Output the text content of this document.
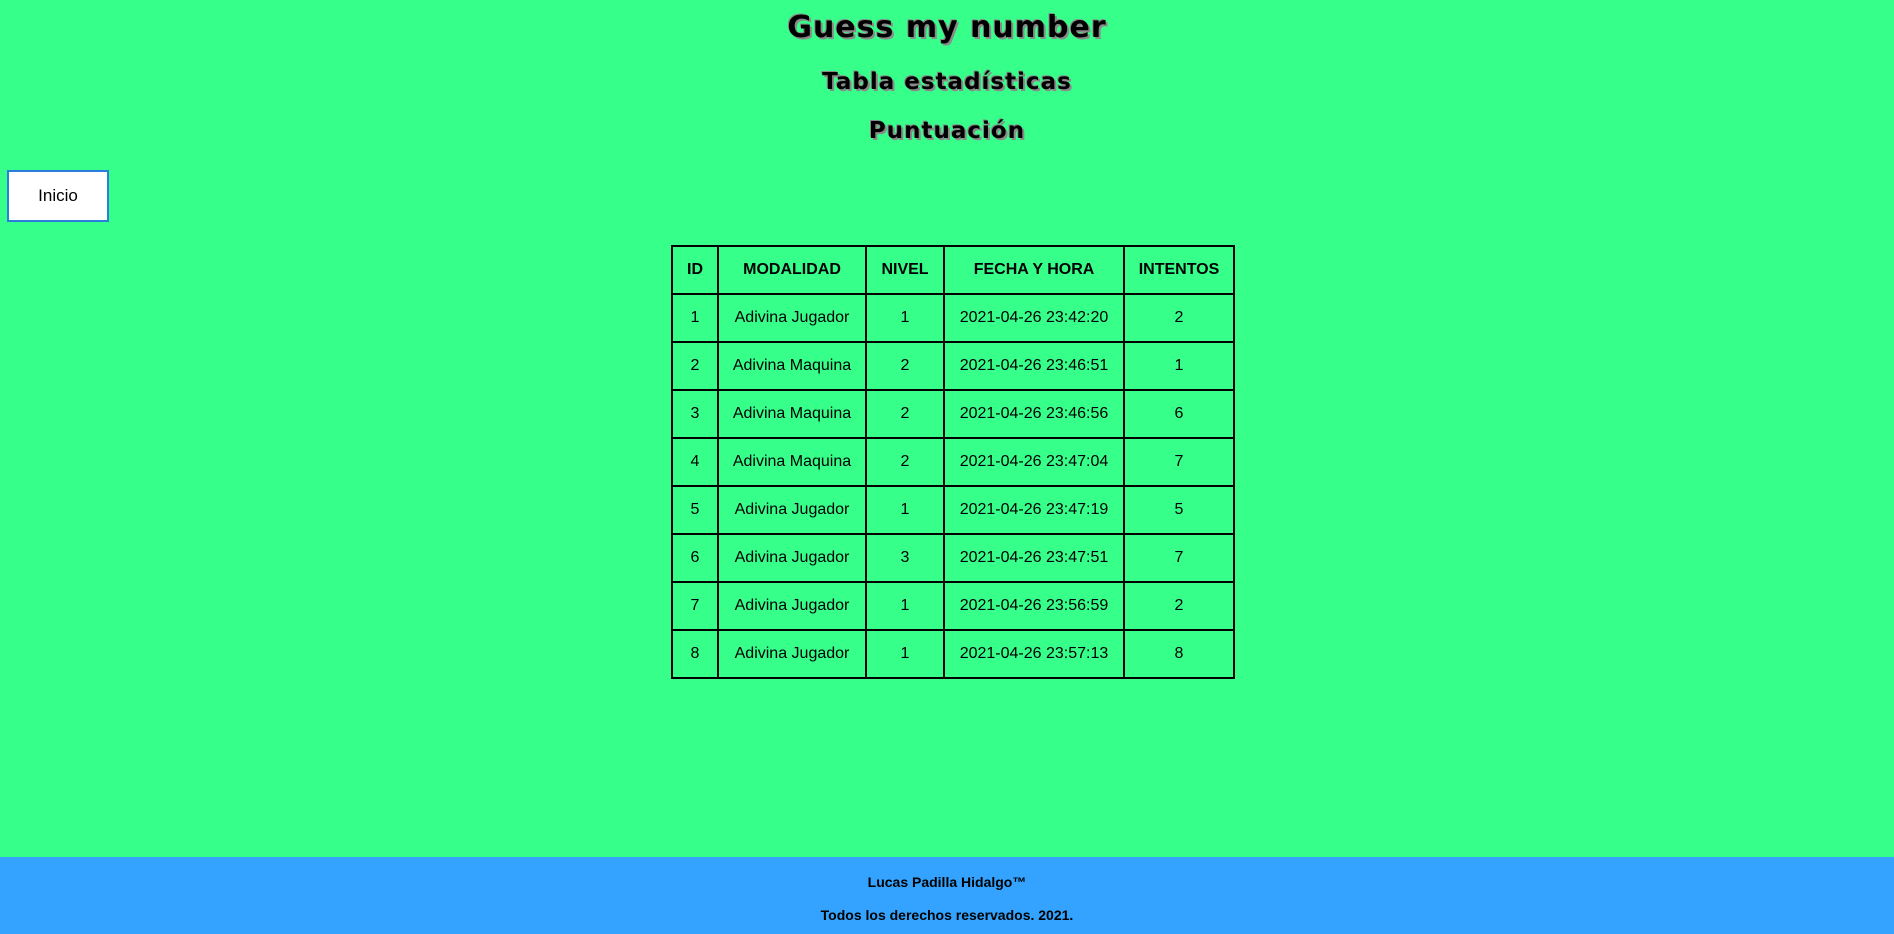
Guess my number
Tabla estadísticas
Puntuación
Inicio
ID	MODALIDAD	NIVEL	FECHA Y HORA	INTENTOS
1	Adivina Jugador	1	2021-04-26 23:42:20	2
2	Adivina Maquina	2	2021-04-26 23:46:51	1
3	Adivina Maquina	2	2021-04-26 23:46:56	6
4	Adivina Maquina	2	2021-04-26 23:47:04	7
5	Adivina Jugador	1	2021-04-26 23:47:19	5
6	Adivina Jugador	3	2021-04-26 23:47:51	7
7	Adivina Jugador	1	2021-04-26 23:56:59	2
8	Adivina Jugador	1	2021-04-26 23:57:13	8
Lucas Padilla Hidalgo™
Todos los derechos reservados. 2021.
